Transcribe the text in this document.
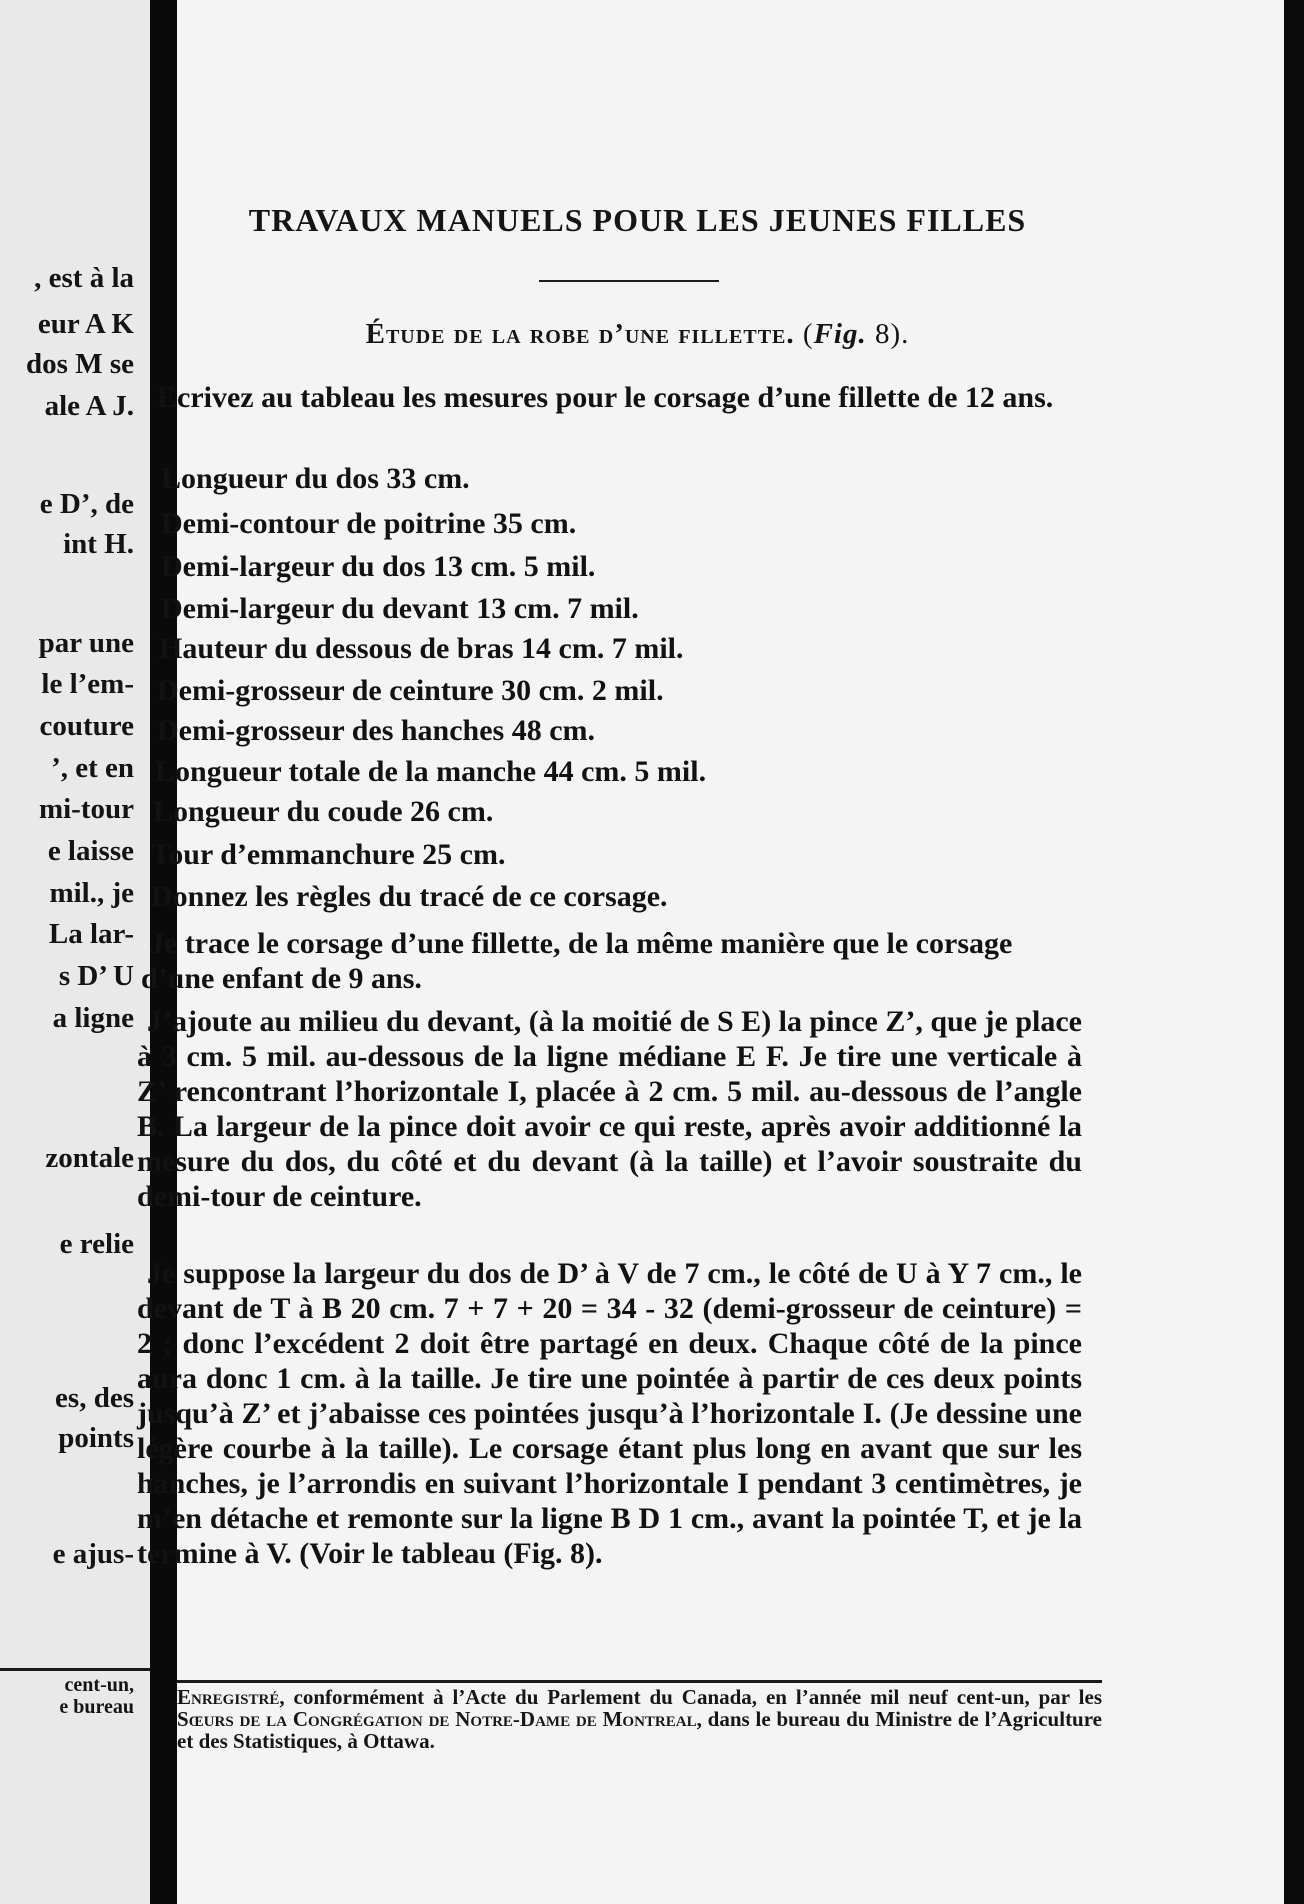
, est à la
eur A K
dos M se
ale A J.
e D’, de
int H.
par une
le l’em-
couture
’, et en
mi-tour
e laisse
mil., je
La lar-
s D’ U
a ligne
zontale
e relie
es, des
points
e ajus-
cent-un,
e bureau
TRAVAUX MANUELS POUR LES JEUNES FILLES
Étude de la robe d’une fillette. (Fig. 8).

Ecrivez au tableau les mesures pour le corsage d’une fillette de 12 ans.

Longueur du dos 33 cm.
Demi-contour de poitrine 35 cm.
Demi-largeur du dos 13 cm. 5 mil.
Demi-largeur du devant 13 cm. 7 mil.
Hauteur du dessous de bras 14 cm. 7 mil.
Demi-grosseur de ceinture 30 cm. 2 mil.
Demi-grosseur des hanches 48 cm.
Longueur totale de la manche 44 cm. 5 mil.
Longueur du coude 26 cm.
Tour d’emmanchure 25 cm.
Donnez les règles du tracé de ce corsage.

Je trace le corsage d’une fillette, de la même manière que le corsage d’une enfant de 9 ans.

J’ajoute au milieu du devant, (à la moitié de S E) la pince Z’, que je place à 3 cm. 5 mil. au-dessous de la ligne médiane E F. Je tire une verticale à Z’ rencontrant l’horizontale I, placée à 2 cm. 5 mil. au-dessous de l’angle B. La largeur de la pince doit avoir ce qui reste, après avoir additionné la mesure du dos, du côté et du devant (à la taille) et l’avoir soustraite du demi-tour de ceinture.

Je suppose la largeur du dos de D’ à V de 7 cm., le côté de U à Y 7 cm., le devant de T à B 20 cm. 7 + 7 + 20 = 34 - 32 (demi-grosseur de ceinture) = 2 ; donc l’excédent 2 doit être partagé en deux. Chaque côté de la pince aura donc 1 cm. à la taille. Je tire une pointée à partir de ces deux points jusqu’à Z’ et j’abaisse ces pointées jusqu’à l’horizontale I. (Je dessine une légère courbe à la taille). Le corsage étant plus long en avant que sur les hanches, je l’arrondis en suivant l’horizontale I pendant 3 centimètres, je m’en détache et remonte sur la ligne B D 1 cm., avant la pointée T, et je la termine à V. (Voir le tableau (Fig. 8).

Enregistré, conformément à l’Acte du Parlement du Canada, en l’année mil neuf cent-un, par les Sœurs de la Congrégation de Notre-Dame de Montreal, dans le bureau du Ministre de l’Agriculture et des Statistiques, à Ottawa.
